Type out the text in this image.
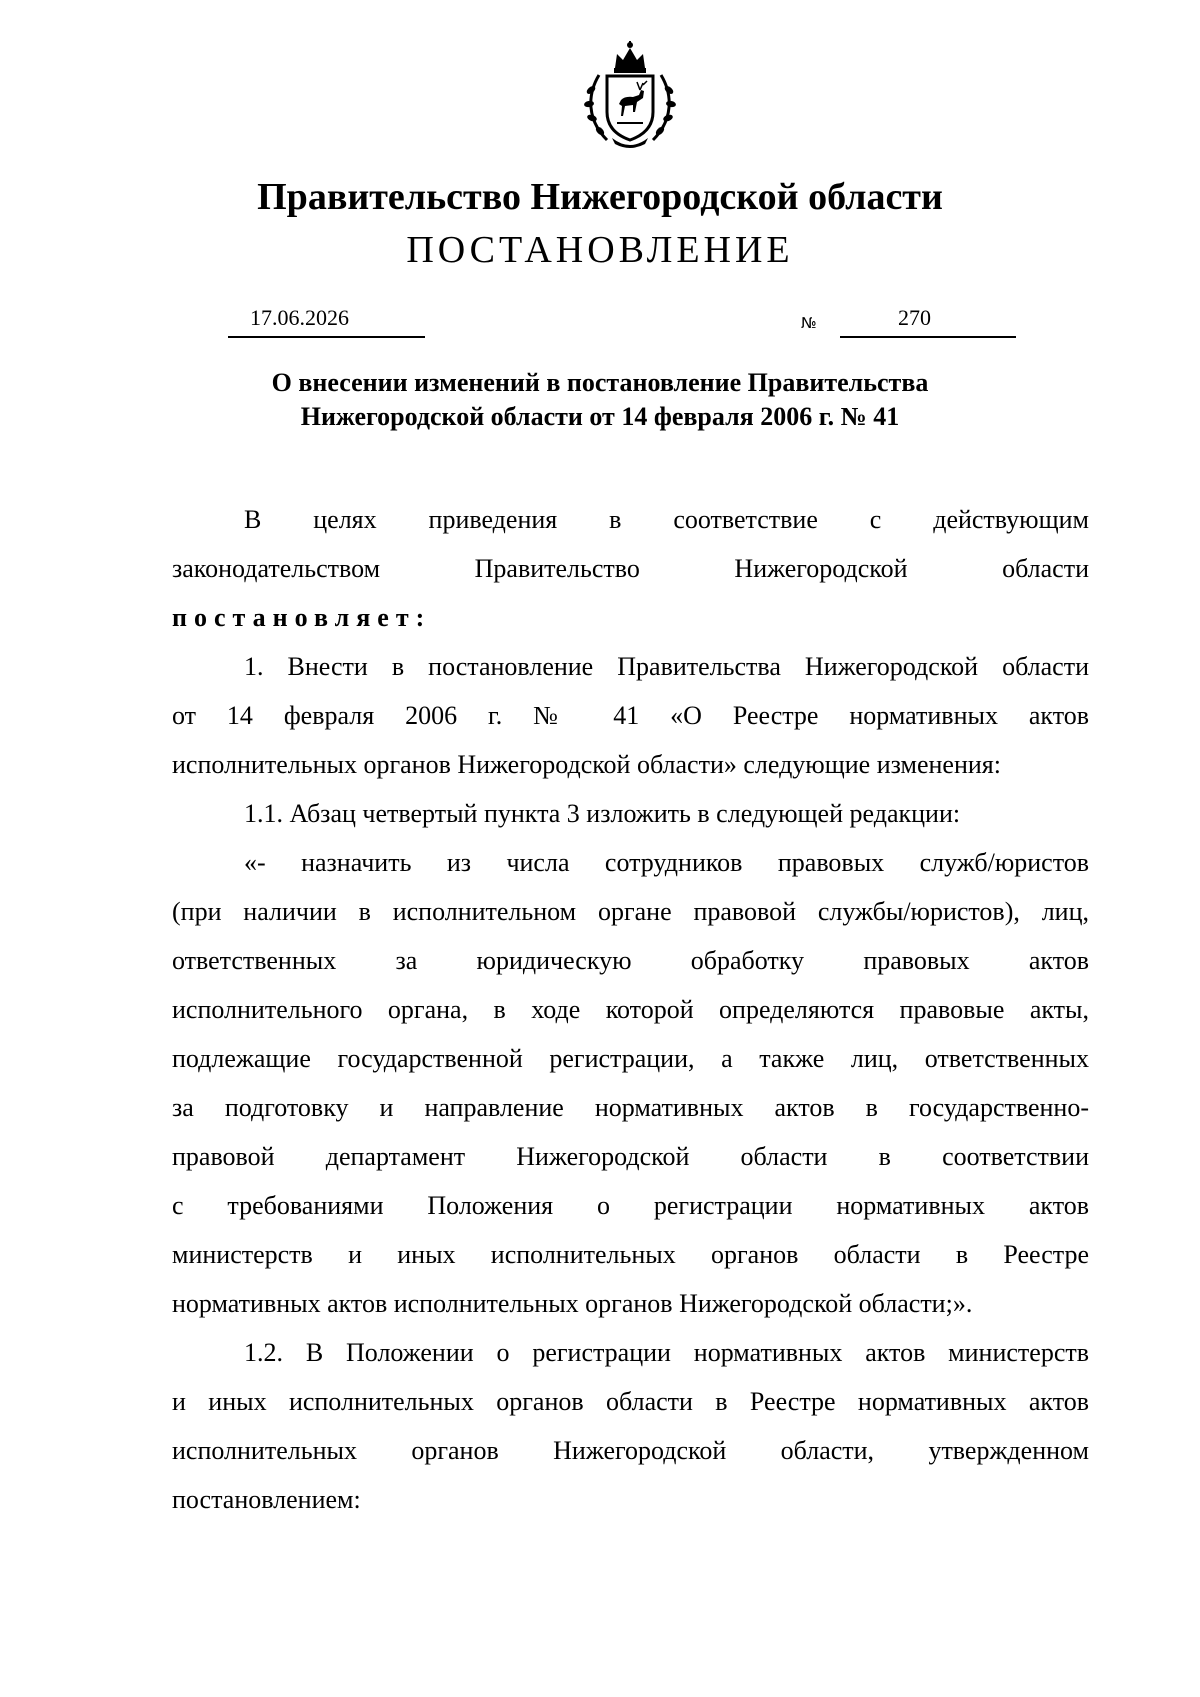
Правительство Нижегородской области
ПОСТАНОВЛЕНИЕ
17.06.2026	№	270
О внесении изменений в постановление Правительства
Нижегородской области от 14 февраля 2006 г. № 41

В целях приведения в соответствие с действующим

законодательством Правительство Нижегородской области

постановляет:

1. Внести в постановление Правительства Нижегородской области

от 14 февраля 2006 г. № 41 «О Реестре нормативных актов

исполнительных органов Нижегородской области» следующие изменения:

1.1. Абзац четвертый пункта 3 изложить в следующей редакции:

«- назначить из числа сотрудников правовых служб/юристов

(при наличии в исполнительном органе правовой службы/юристов), лиц,

ответственных за юридическую обработку правовых актов

исполнительного органа, в ходе которой определяются правовые акты,

подлежащие государственной регистрации, а также лиц, ответственных

за подготовку и направление нормативных актов в государственно-

правовой департамент Нижегородской области в соответствии

с требованиями Положения о регистрации нормативных актов

министерств и иных исполнительных органов области в Реестре

нормативных актов исполнительных органов Нижегородской области;».

1.2. В Положении о регистрации нормативных актов министерств

и иных исполнительных органов области в Реестре нормативных актов

исполнительных органов Нижегородской области, утвержденном

постановлением:
